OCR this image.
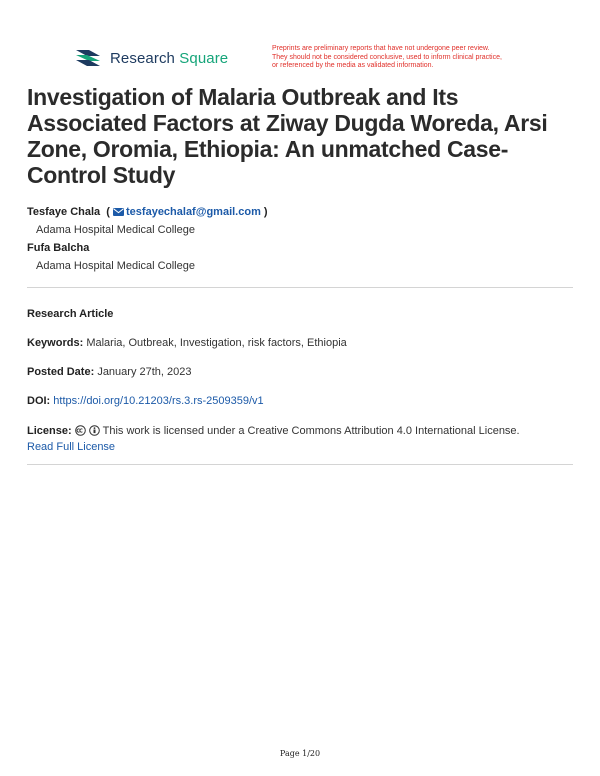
Research Square
Preprints are preliminary reports that have not undergone peer review.
They should not be considered conclusive, used to inform clinical practice,
or referenced by the media as validated information.
Investigation of Malaria Outbreak and Its Associated Factors at Ziway Dugda Woreda, Arsi Zone, Oromia, Ethiopia: An unmatched Case-Control Study
Tesfaye Chala  ( tesfayechalaf@gmail.com )
Adama Hospital Medical College
Fufa Balcha
Adama Hospital Medical College
Research Article
Keywords: Malaria, Outbreak, Investigation, risk factors, Ethiopia
Posted Date: January 27th, 2023
DOI: https://doi.org/10.21203/rs.3.rs-2509359/v1
License:	This work is licensed under a Creative Commons Attribution 4.0 International License.
Read Full License
Page 1/20
